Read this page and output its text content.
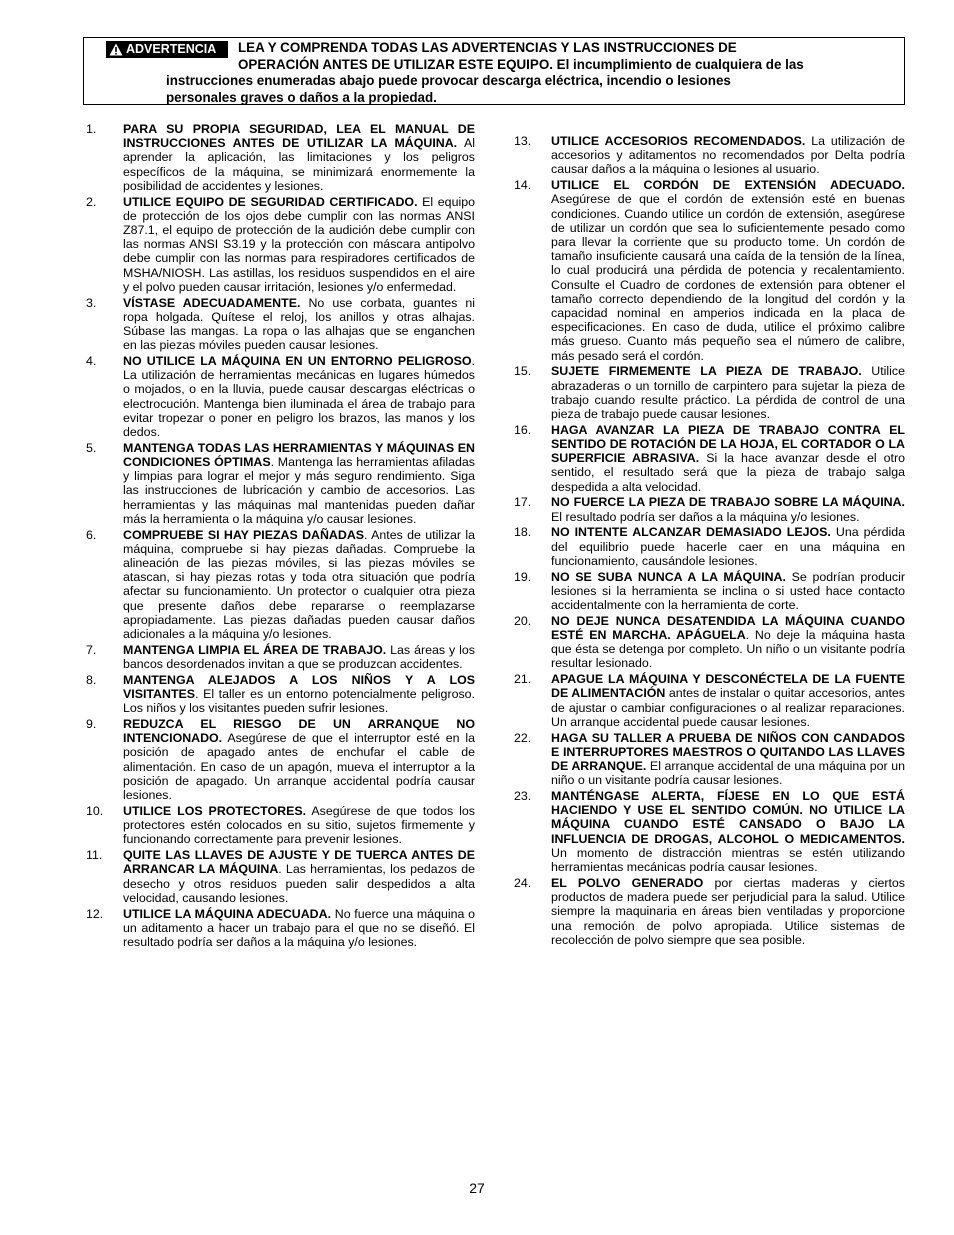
ADVERTENCIA	LEA Y COMPRENDA TODAS LAS ADVERTENCIAS Y LAS INSTRUCCIONES DE
OPERACIÓN ANTES DE UTILIZAR ESTE EQUIPO. El incumplimiento de cualquiera de las
instrucciones enumeradas abajo puede provocar descarga eléctrica, incendio o lesiones
personales graves o daños a la propiedad.
1. PARA SU PROPIA SEGURIDAD, LEA EL MANUAL DE INSTRUCCIONES ANTES DE UTILIZAR LA MÁQUINA. Al aprender la aplicación, las limitaciones y los peligros específicos de la máquina, se minimizará enormemente la posibilidad de accidentes y lesiones.
2. UTILICE EQUIPO DE SEGURIDAD CERTIFICADO. El equipo de protección de los ojos debe cumplir con las normas ANSI Z87.1, el equipo de protección de la audición debe cumplir con las normas ANSI S3.19 y la protección con máscara antipolvo debe cumplir con las normas para respiradores certificados de MSHA/NIOSH. Las astillas, los residuos suspendidos en el aire y el polvo pueden causar irritación, lesiones y/o enfermedad.
3. VÍSTASE ADECUADAMENTE. No use corbata, guantes ni ropa holgada. Quítese el reloj, los anillos y otras alhajas. Súbase las mangas. La ropa o las alhajas que se enganchen en las piezas móviles pueden causar lesiones.
4. NO UTILICE LA MÁQUINA EN UN ENTORNO PELIGROSO. La utilización de herramientas mecánicas en lugares húmedos o mojados, o en la lluvia, puede causar descargas eléctricas o electrocución. Mantenga bien iluminada el área de trabajo para evitar tropezar o poner en peligro los brazos, las manos y los dedos.
5. MANTENGA TODAS LAS HERRAMIENTAS Y MÁQUINAS EN CONDICIONES ÓPTIMAS. Mantenga las herramientas afiladas y limpias para lograr el mejor y más seguro rendimiento. Siga las instrucciones de lubricación y cambio de accesorios. Las herramientas y las máquinas mal mantenidas pueden dañar más la herramienta o la máquina y/o causar lesiones.
6. COMPRUEBE SI HAY PIEZAS DAÑADAS. Antes de utilizar la máquina, compruebe si hay piezas dañadas. Compruebe la alineación de las piezas móviles, si las piezas móviles se atascan, si hay piezas rotas y toda otra situación que podría afectar su funcionamiento. Un protector o cualquier otra pieza que presente daños debe repararse o reemplazarse apropiadamente. Las piezas dañadas pueden causar daños adicionales a la máquina y/o lesiones.
7. MANTENGA LIMPIA EL ÁREA DE TRABAJO. Las áreas y los bancos desordenados invitan a que se produzcan accidentes.
8. MANTENGA ALEJADOS A LOS NIÑOS Y A LOS VISITANTES. El taller es un entorno potencialmente peligroso. Los niños y los visitantes pueden sufrir lesiones.
9. REDUZCA EL RIESGO DE UN ARRANQUE NO INTENCIONADO. Asegúrese de que el interruptor esté en la posición de apagado antes de enchufar el cable de alimentación. En caso de un apagón, mueva el interruptor a la posición de apagado. Un arranque accidental podría causar lesiones.
10. UTILICE LOS PROTECTORES. Asegúrese de que todos los protectores estén colocados en su sitio, sujetos firmemente y funcionando correctamente para prevenir lesiones.
11. QUITE LAS LLAVES DE AJUSTE Y DE TUERCA ANTES DE ARRANCAR LA MÁQUINA. Las herramientas, los pedazos de desecho y otros residuos pueden salir despedidos a alta velocidad, causando lesiones.
12. UTILICE LA MÁQUINA ADECUADA. No fuerce una máquina o un aditamento a hacer un trabajo para el que no se diseñó. El resultado podría ser daños a la máquina y/o lesiones.
13. UTILICE ACCESORIOS RECOMENDADOS. La utilización de accesorios y aditamentos no recomendados por Delta podría causar daños a la máquina o lesiones al usuario.
14. UTILICE EL CORDÓN DE EXTENSIÓN ADECUADO. Asegúrese de que el cordón de extensión esté en buenas condiciones. Cuando utilice un cordón de extensión, asegúrese de utilizar un cordón que sea lo suficientemente pesado como para llevar la corriente que su producto tome. Un cordón de tamaño insuficiente causará una caída de la tensión de la línea, lo cual producirá una pérdida de potencia y recalentamiento. Consulte el Cuadro de cordones de extensión para obtener el tamaño correcto dependiendo de la longitud del cordón y la capacidad nominal en amperios indicada en la placa de especificaciones. En caso de duda, utilice el próximo calibre más grueso. Cuanto más pequeño sea el número de calibre, más pesado será el cordón.
15. SUJETE FIRMEMENTE LA PIEZA DE TRABAJO. Utilice abrazaderas o un tornillo de carpintero para sujetar la pieza de trabajo cuando resulte práctico. La pérdida de control de una pieza de trabajo puede causar lesiones.
16. HAGA AVANZAR LA PIEZA DE TRABAJO CONTRA EL SENTIDO DE ROTACIÓN DE LA HOJA, EL CORTADOR O LA SUPERFICIE ABRASIVA. Si la hace avanzar desde el otro sentido, el resultado será que la pieza de trabajo salga despedida a alta velocidad.
17. NO FUERCE LA PIEZA DE TRABAJO SOBRE LA MÁQUINA. El resultado podría ser daños a la máquina y/o lesiones.
18. NO INTENTE ALCANZAR DEMASIADO LEJOS. Una pérdida del equilibrio puede hacerle caer en una máquina en funcionamiento, causándole lesiones.
19. NO SE SUBA NUNCA A LA MÁQUINA. Se podrían producir lesiones si la herramienta se inclina o si usted hace contacto accidentalmente con la herramienta de corte.
20. NO DEJE NUNCA DESATENDIDA LA MÁQUINA CUANDO ESTÉ EN MARCHA. APÁGUELA. No deje la máquina hasta que ésta se detenga por completo. Un niño o un visitante podría resultar lesionado.
21. APAGUE LA MÁQUINA Y DESCONÉCTELA DE LA FUENTE DE ALIMENTACIÓN antes de instalar o quitar accesorios, antes de ajustar o cambiar configuraciones o al realizar reparaciones. Un arranque accidental puede causar lesiones.
22. HAGA SU TALLER A PRUEBA DE NIÑOS CON CANDADOS E INTERRUPTORES MAESTROS O QUITANDO LAS LLAVES DE ARRANQUE. El arranque accidental de una máquina por un niño o un visitante podría causar lesiones.
23. MANTÉNGASE ALERTA, FÍJESE EN LO QUE ESTÁ HACIENDO Y USE EL SENTIDO COMÚN. NO UTILICE LA MÁQUINA CUANDO ESTÉ CANSADO O BAJO LA INFLUENCIA DE DROGAS, ALCOHOL O MEDICAMENTOS. Un momento de distracción mientras se estén utilizando herramientas mecánicas podría causar lesiones.
24. EL POLVO GENERADO por ciertas maderas y ciertos productos de madera puede ser perjudicial para la salud. Utilice siempre la maquinaria en áreas bien ventiladas y proporcione una remoción de polvo apropiada. Utilice sistemas de recolección de polvo siempre que sea posible.
27
